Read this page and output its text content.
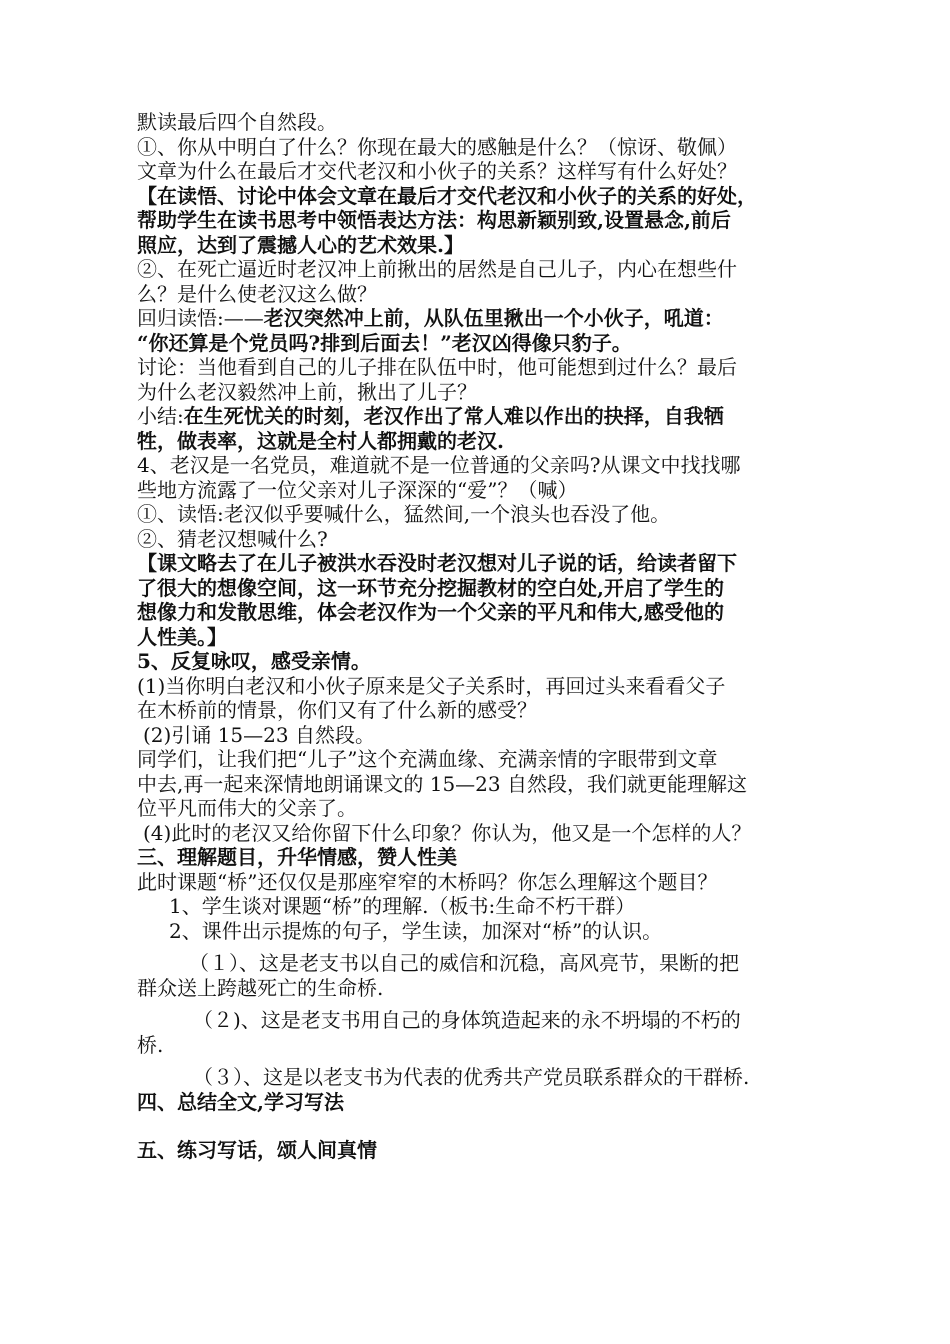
默读最后四个自然段。

①、你从中明白了什么？你现在最大的感触是什么？（惊讶、敬佩）

文章为什么在最后才交代老汉和小伙子的关系？这样写有什么好处？

【在读悟、讨论中体会文章在最后才交代老汉和小伙子的关系的好处，

帮助学生在读书思考中领悟表达方法：构思新颖别致,设置悬念,前后

照应，达到了震撼人心的艺术效果.】

②、在死亡逼近时老汉冲上前揪出的居然是自己儿子，内心在想些什

么？是什么使老汉这么做？

回归读悟:——老汉突然冲上前，从队伍里揪出一个小伙子，吼道：

“你还算是个党员吗?排到后面去！”老汉凶得像只豹子。

讨论：当他看到自己的儿子排在队伍中时，他可能想到过什么？最后

为什么老汉毅然冲上前，揪出了儿子？

小结:在生死忧关的时刻，老汉作出了常人难以作出的抉择，自我牺

牲，做表率，这就是全村人都拥戴的老汉.

4、老汉是一名党员，难道就不是一位普通的父亲吗?从课文中找找哪

些地方流露了一位父亲对儿子深深的“爱”？（喊）

①、读悟:老汉似乎要喊什么，猛然间,一个浪头也吞没了他。

②、猜老汉想喊什么?

【课文略去了在儿子被洪水吞没时老汉想对儿子说的话，给读者留下

了很大的想像空间，这一环节充分挖掘教材的空白处,开启了学生的

想像力和发散思维，体会老汉作为一个父亲的平凡和伟大,感受他的

人性美。】

5、反复咏叹，感受亲情。

(1)当你明白老汉和小伙子原来是父子关系时，再回过头来看看父子

在木桥前的情景，你们又有了什么新的感受？

(2)引诵 15—23 自然段。

同学们，让我们把“儿子”这个充满血缘、充满亲情的字眼带到文章

中去,再一起来深情地朗诵课文的 15—23 自然段，我们就更能理解这

位平凡而伟大的父亲了。

(4)此时的老汉又给你留下什么印象？你认为，他又是一个怎样的人？

三、理解题目，升华情感，赞人性美

此时课题“桥”还仅仅是那座窄窄的木桥吗？你怎么理解这个题目？

1、学生谈对课题“桥”的理解.（板书:生命不朽干群）

2、课件出示提炼的句子，学生读，加深对“桥”的认识。

（１）、这是老支书以自己的威信和沉稳，高风亮节，果断的把

群众送上跨越死亡的生命桥.

（２)、这是老支书用自己的身体筑造起来的永不坍塌的不朽的

桥.

（３）、这是以老支书为代表的优秀共产党员联系群众的干群桥.

四、总结全文,学习写法

五、练习写话，颂人间真情
